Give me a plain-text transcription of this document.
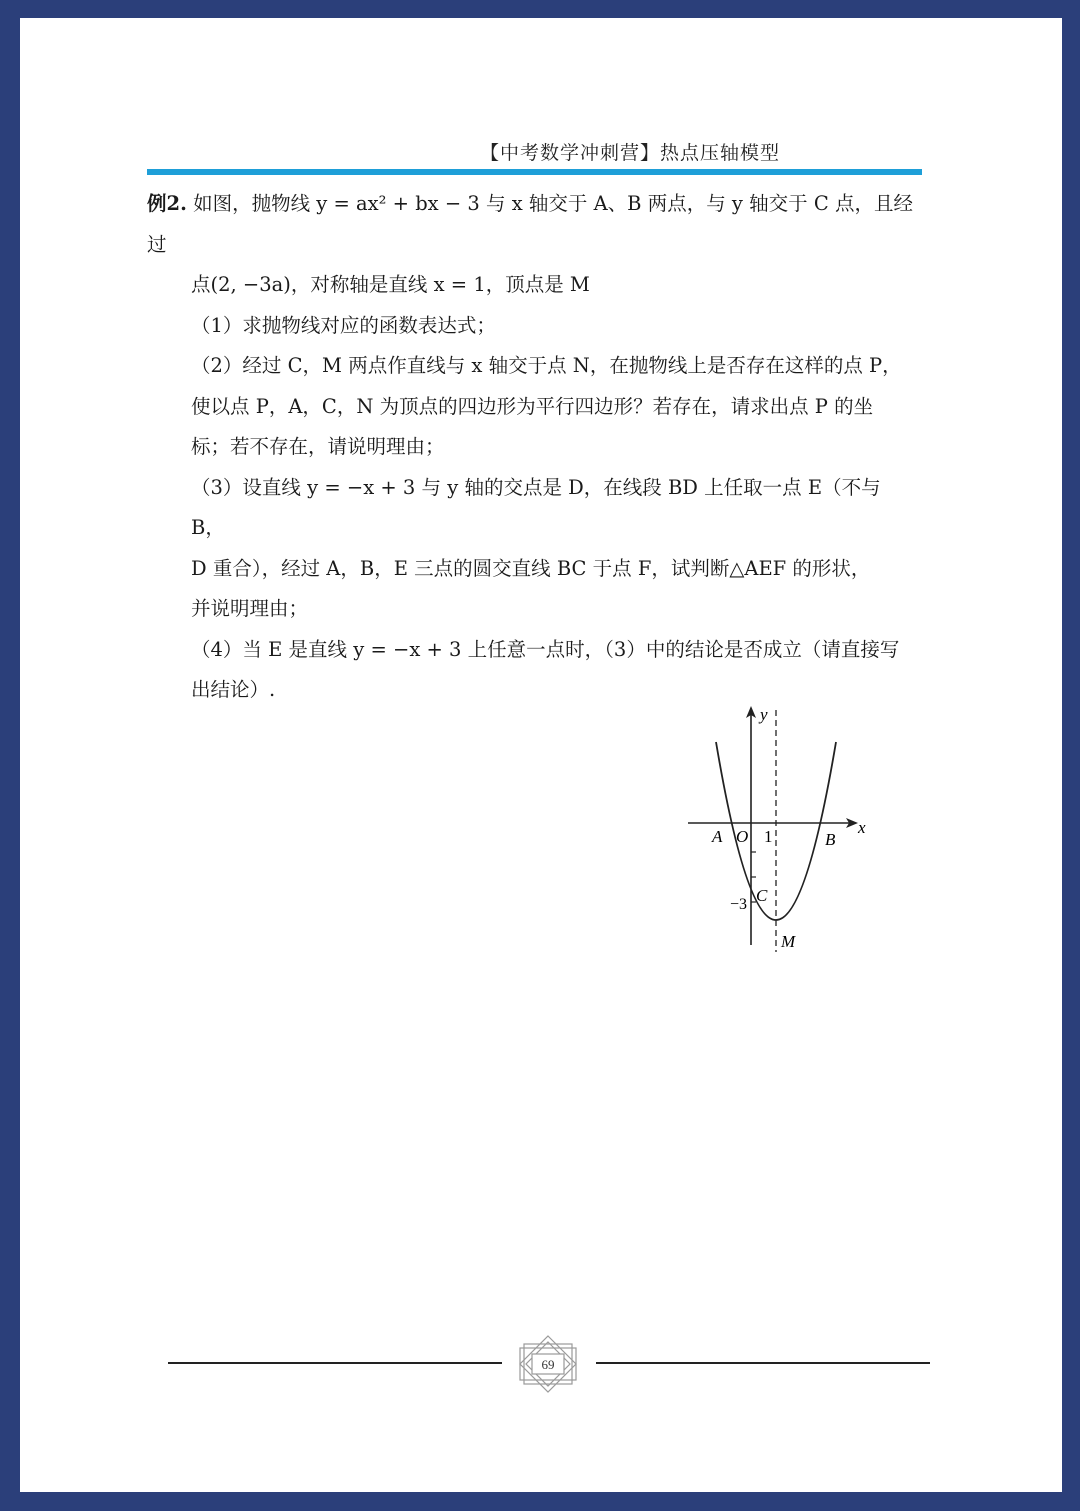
【中考数学冲刺营】热点压轴模型

例2. 如图，抛物线 y = ax² + bx − 3 与 x 轴交于 A、B 两点，与 y 轴交于 C 点，且经过

点(2, −3a)，对称轴是直线 x = 1，顶点是 M

（1）求抛物线对应的函数表达式；

（2）经过 C，M 两点作直线与 x 轴交于点 N，在抛物线上是否存在这样的点 P，

使以点 P，A，C，N 为顶点的四边形为平行四边形？若存在，请求出点 P 的坐

标；若不存在，请说明理由；

（3）设直线 y = −x + 3 与 y 轴的交点是 D，在线段 BD 上任取一点 E（不与 B，

D 重合），经过 A，B，E 三点的圆交直线 BC 于点 F，试判断△AEF 的形状，

并说明理由；

（4）当 E 是直线 y = −x + 3 上任意一点时，（3）中的结论是否成立（请直接写

出结论）.

y
x
A O 1	B
−3 C
M
69
